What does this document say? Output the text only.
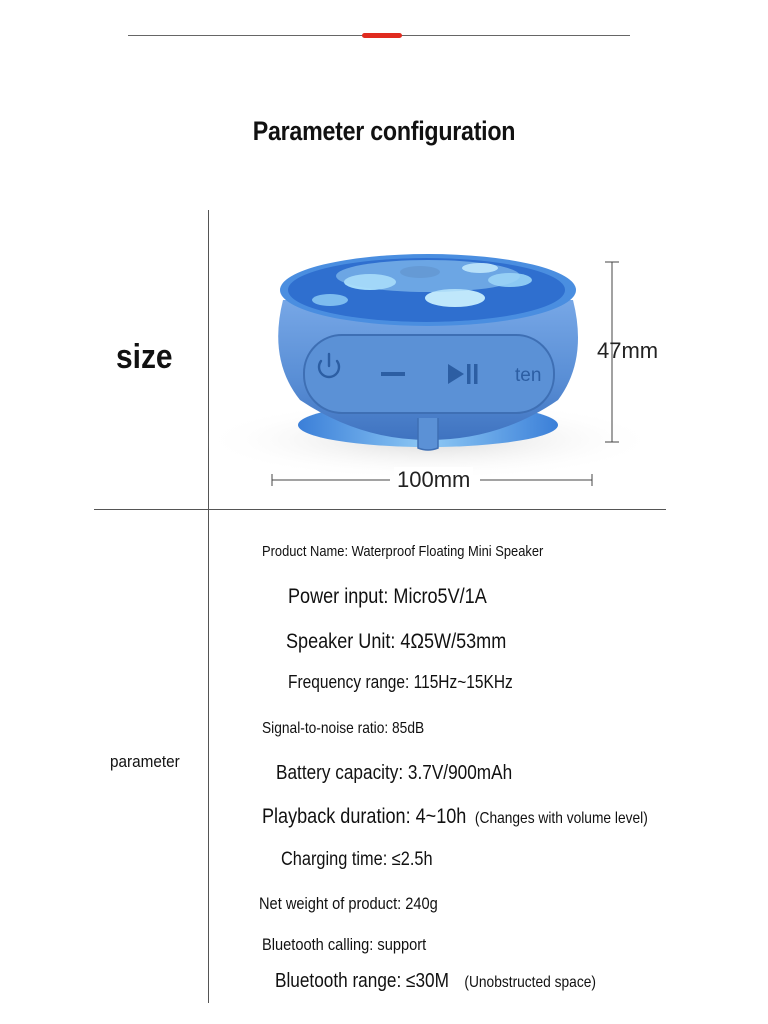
Parameter configuration
size
parameter
ten
47mm
100mm
Product Name: Waterproof Floating Mini Speaker
Power input: Micro5V/1A
Speaker Unit: 4Ω5W/53mm
Frequency range: 115Hz~15KHz
Signal-to-noise ratio: 85dB
Battery capacity: 3.7V/900mAh
Playback duration: 4~10h (Changes with volume level)
Charging time: ≤2.5h
Net weight of product: 240g
Bluetooth calling: support
Bluetooth range: ≤30M (Unobstructed space)
